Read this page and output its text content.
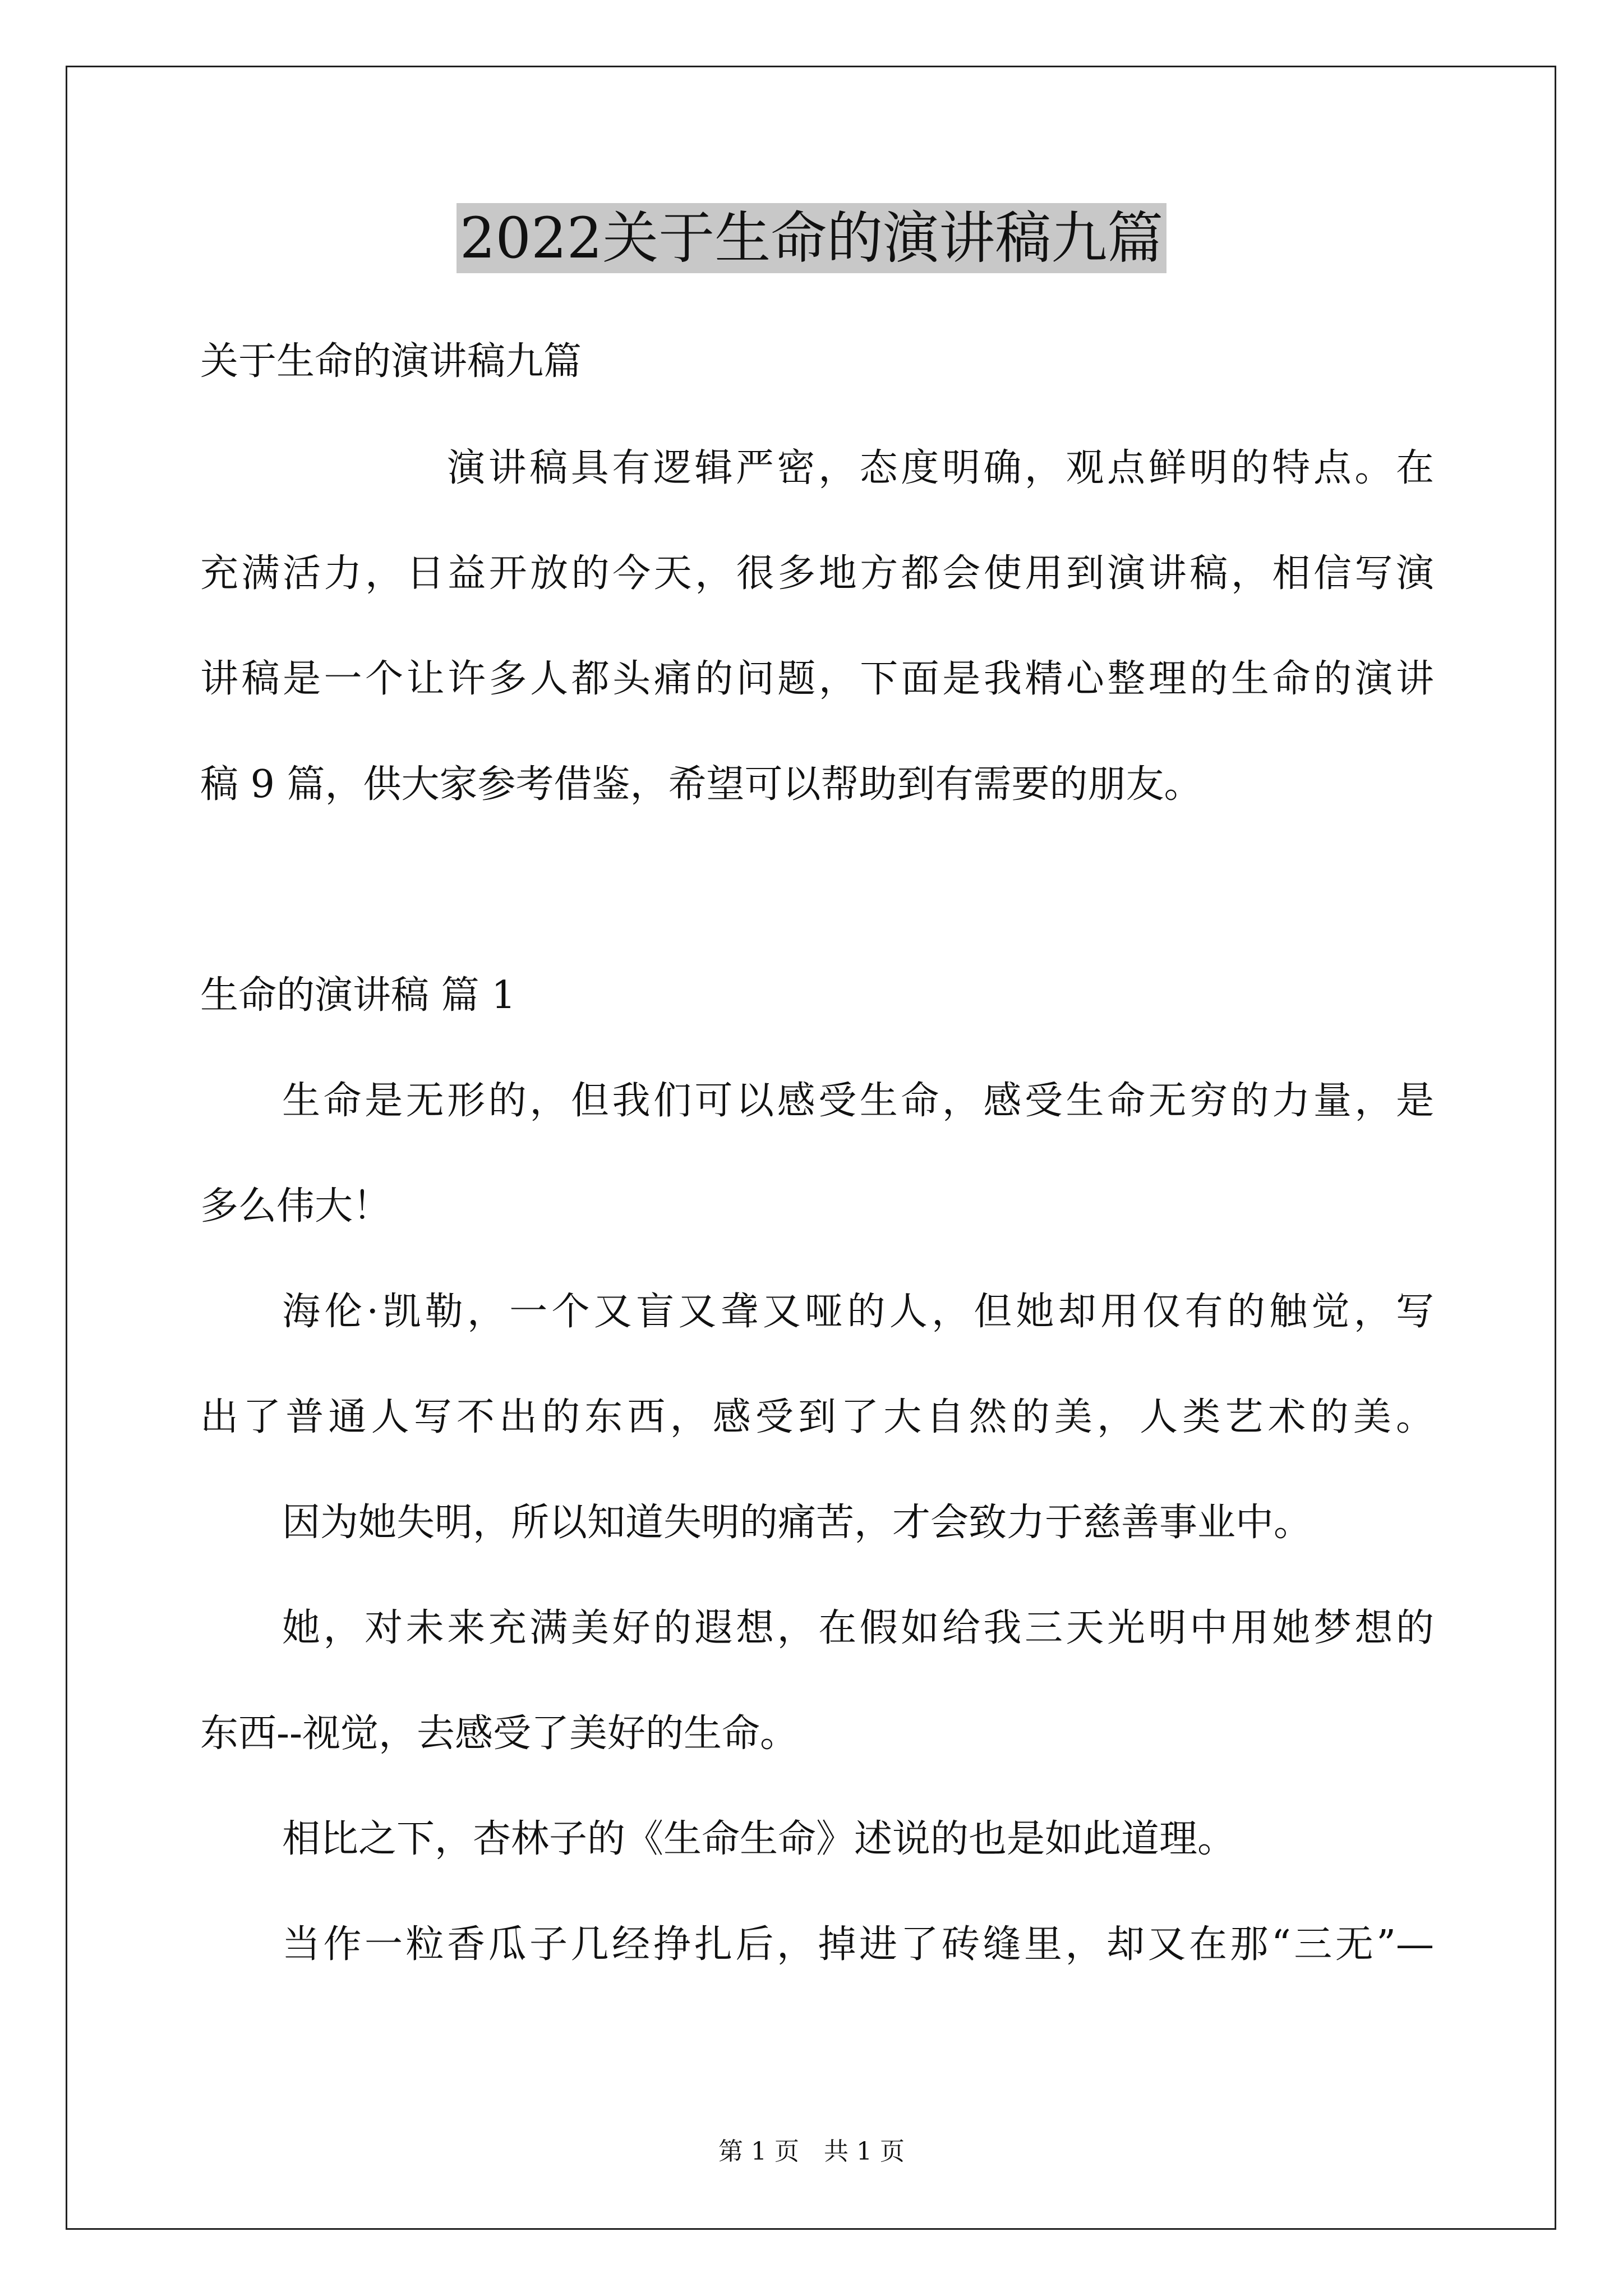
2022关于生命的演讲稿九篇
关于生命的演讲稿九篇
演讲稿具有逻辑严密，态度明确，观点鲜明的特点。在
充满活力，日益开放的今天，很多地方都会使用到演讲稿，相信写演
讲稿是一个让许多人都头痛的问题，下面是我精心整理的生命的演讲
稿 9 篇，供大家参考借鉴，希望可以帮助到有需要的朋友。
生命的演讲稿 篇 1
生命是无形的，但我们可以感受生命，感受生命无穷的力量，是
多么伟大！
海伦·凯勒，一个又盲又聋又哑的人，但她却用仅有的触觉，写
出了普通人写不出的东西，感受到了大自然的美，人类艺术的美。
因为她失明，所以知道失明的痛苦，才会致力于慈善事业中。
她，对未来充满美好的遐想，在假如给我三天光明中用她梦想的
东西--视觉，去感受了美好的生命。
相比之下，杏林子的《生命生命》述说的也是如此道理。
当作一粒香瓜子几经挣扎后，掉进了砖缝里，却又在那“三无”—
第 1 页 共 1 页
